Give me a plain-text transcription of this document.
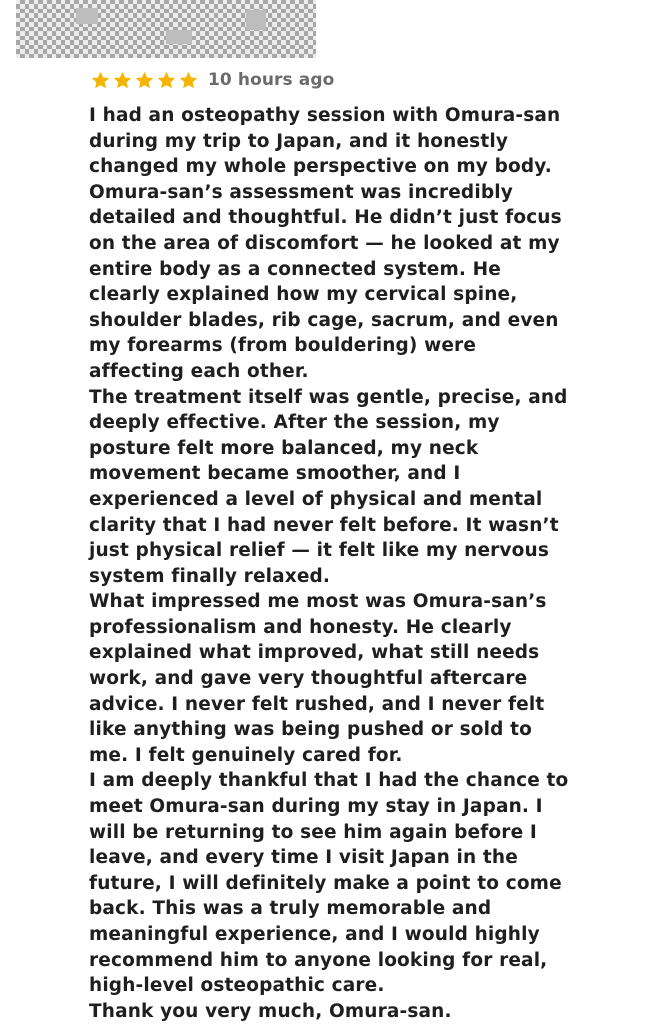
10 hours ago
I had an osteopathy session with Omura-san
during my trip to Japan, and it honestly
changed my whole perspective on my body.
Omura-san’s assessment was incredibly
detailed and thoughtful. He didn’t just focus
on the area of discomfort — he looked at my
entire body as a connected system. He
clearly explained how my cervical spine,
shoulder blades, rib cage, sacrum, and even
my forearms (from bouldering) were
affecting each other.
The treatment itself was gentle, precise, and
deeply effective. After the session, my
posture felt more balanced, my neck
movement became smoother, and I
experienced a level of physical and mental
clarity that I had never felt before. It wasn’t
just physical relief — it felt like my nervous
system finally relaxed.
What impressed me most was Omura-san’s
professionalism and honesty. He clearly
explained what improved, what still needs
work, and gave very thoughtful aftercare
advice. I never felt rushed, and I never felt
like anything was being pushed or sold to
me. I felt genuinely cared for.
I am deeply thankful that I had the chance to
meet Omura-san during my stay in Japan. I
will be returning to see him again before I
leave, and every time I visit Japan in the
future, I will definitely make a point to come
back. This was a truly memorable and
meaningful experience, and I would highly
recommend him to anyone looking for real,
high-level osteopathic care.
Thank you very much, Omura-san.
